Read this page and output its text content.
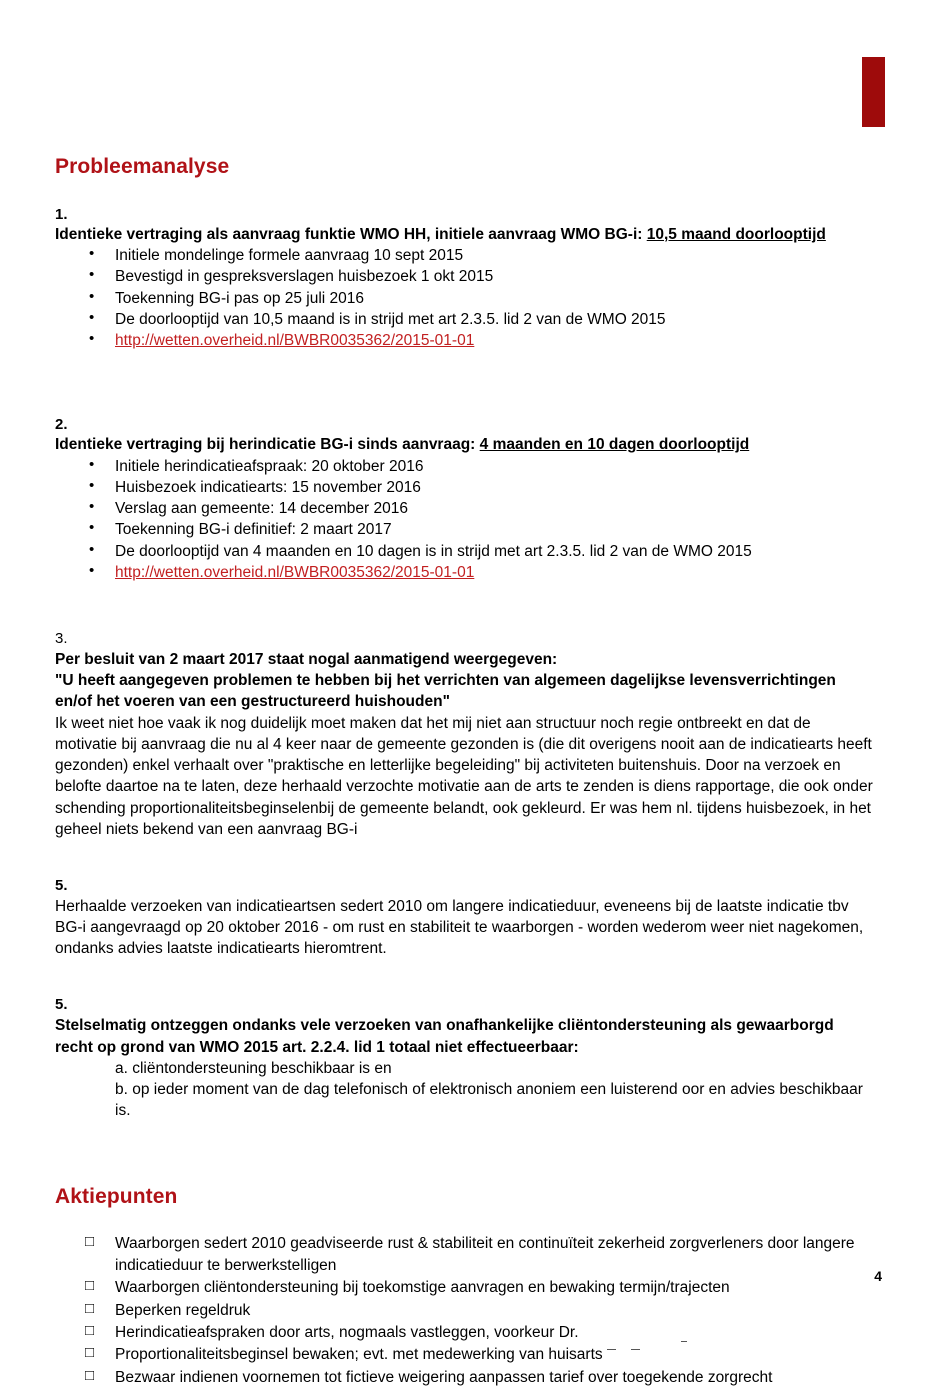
Probleemanalyse

1.

Identieke vertraging als aanvraag funktie WMO HH, initiele aanvraag WMO BG-i: 10,5 maand doorlooptijd

• Initiele mondelinge formele aanvraag 10 sept 2015
• Bevestigd in gespreksverslagen huisbezoek 1 okt 2015
• Toekenning BG-i pas op 25 juli 2016
• De doorlooptijd van 10,5 maand is in strijd met art 2.3.5. lid 2 van de WMO 2015
• http://wetten.overheid.nl/BWBR0035362/2015-01-01

2.

Identieke vertraging bij herindicatie BG-i sinds aanvraag: 4 maanden en 10 dagen doorlooptijd

• Initiele herindicatieafspraak: 20 oktober 2016
• Huisbezoek indicatiearts: 15 november 2016
• Verslag aan gemeente: 14 december 2016
• Toekenning BG-i definitief: 2 maart 2017
• De doorlooptijd van 4 maanden en 10 dagen is in strijd met art 2.3.5. lid 2 van de WMO 2015
• http://wetten.overheid.nl/BWBR0035362/2015-01-01

3.

Per besluit van 2 maart 2017 staat nogal aanmatigend weergegeven:

"U heeft aangegeven problemen te hebben bij het verrichten van algemeen dagelijkse levensverrichtingen en/of het voeren van een gestructureerd huishouden"

Ik weet niet hoe vaak ik nog duidelijk moet maken dat het mij niet aan structuur noch regie ontbreekt en dat de motivatie bij aanvraag die nu al 4 keer naar de gemeente gezonden is (die dit overigens nooit aan de indicatiearts heeft gezonden) enkel verhaalt over "praktische en letterlijke begeleiding" bij activiteten buitenshuis. Door na verzoek en belofte daartoe na te laten, deze herhaald verzochte motivatie aan de arts te zenden is diens rapportage, die ook onder schending proportionaliteitsbeginselenbij de gemeente belandt, ook gekleurd. Er was hem nl. tijdens huisbezoek, in het geheel niets bekend van een aanvraag BG-i

5.

Herhaalde verzoeken van indicatieartsen sedert 2010 om langere indicatieduur, eveneens bij de laatste indicatie tbv BG-i aangevraagd op 20 oktober 2016 - om rust en stabiliteit te waarborgen - worden wederom weer niet nagekomen, ondanks advies laatste indicatiearts hieromtrent.

5.

Stelselmatig ontzeggen ondanks vele verzoeken van onafhankelijke cliëntondersteuning als gewaarborgd recht op grond van WMO 2015 art. 2.2.4. lid 1 totaal niet effectueerbaar:

a. cliëntondersteuning beschikbaar is en
b. op ieder moment van de dag telefonisch of elektronisch anoniem een luisterend oor en advies beschikbaar is.
Aktiepunten
□ Waarborgen sedert 2010 geadviseerde rust & stabiliteit en continuïteit zekerheid zorgverleners door langere indicatieduur te berwerkstelligen
□ Waarborgen cliëntondersteuning bij toekomstige aanvragen en bewaking termijn/trajecten
□ Beperken regeldruk
□ Herindicatieafspraken door arts, nogmaals vastleggen, voorkeur Dr.
□ Proportionaliteitsbeginsel bewaken; evt. met medewerking van huisarts
□ Bezwaar indienen voornemen tot fictieve weigering aanpassen tarief over toegekende zorgrecht
4
